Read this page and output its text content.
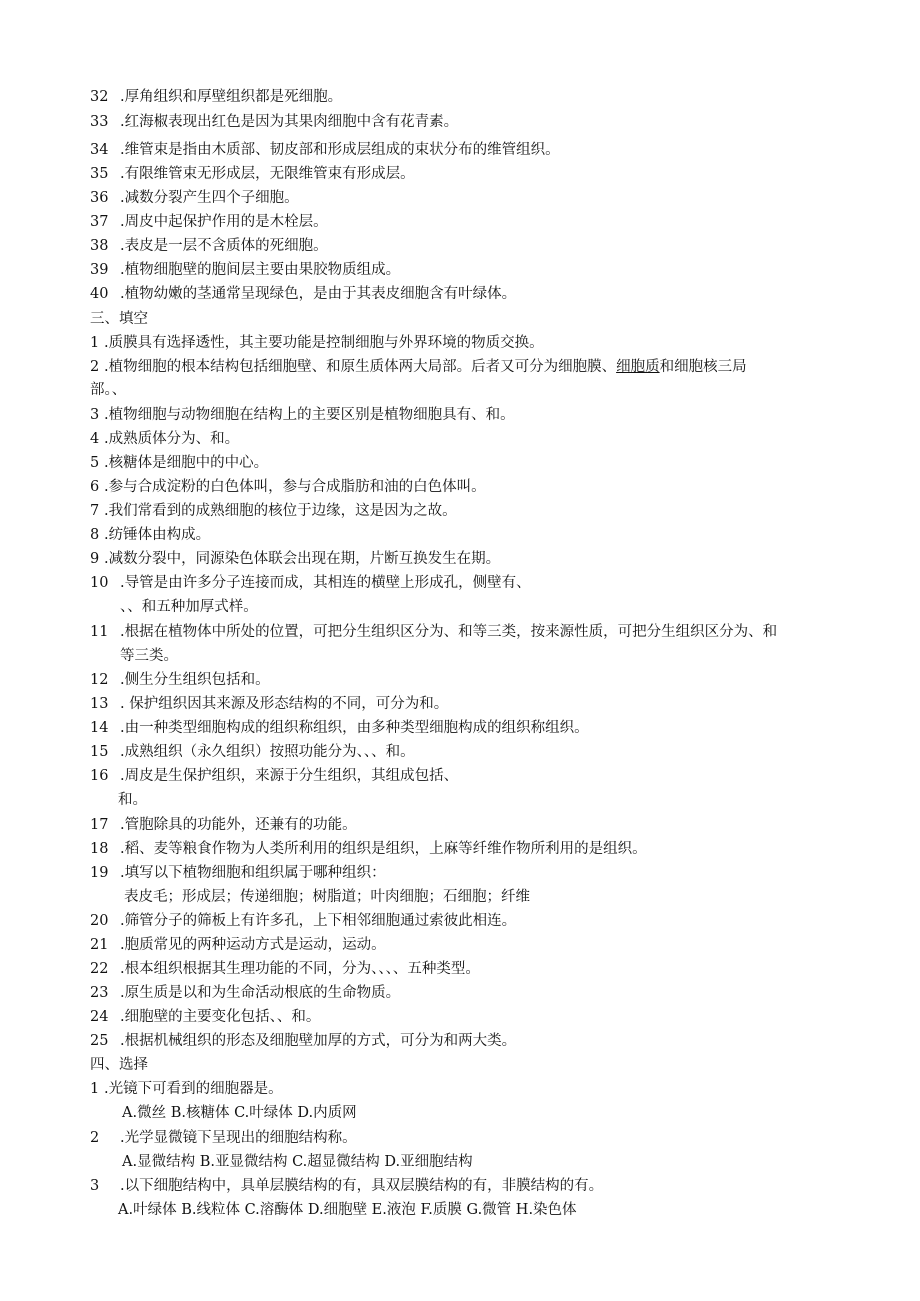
32 .厚角组织和厚壁组织都是死细胞。
33 .红海椒表现出红色是因为其果肉细胞中含有花青素。
34 .维管束是指由木质部、韧皮部和形成层组成的束状分布的维管组织。
35 .有限维管束无形成层，无限维管束有形成层。
36 .减数分裂产生四个子细胞。
37 .周皮中起保护作用的是木栓层。
38 .表皮是一层不含质体的死细胞。
39 .植物细胞壁的胞间层主要由果胶物质组成。
40 .植物幼嫩的茎通常呈现绿色，是由于其表皮细胞含有叶绿体。
三、填空
1 .质膜具有选择透性，其主要功能是控制细胞与外界环境的物质交换。
2 .植物细胞的根本结构包括细胞壁、和原生质体两大局部。后者又可分为细胞膜、细胞质和细胞核三局
部。、
3 .植物细胞与动物细胞在结构上的主要区别是植物细胞具有、和。
4 .成熟质体分为、和。
5 .核糖体是细胞中的中心。
6 .参与合成淀粉的白色体叫，参与合成脂肪和油的白色体叫。
7 .我们常看到的成熟细胞的核位于边缘，这是因为之故。
8 .纺锤体由构成。
9 .减数分裂中，同源染色体联会出现在期，片断互换发生在期。
10 .导管是由许多分子连接而成，其相连的横壁上形成孔，侧壁有、
、、和五种加厚式样。
11 .根据在植物体中所处的位置，可把分生组织区分为、和等三类，按来源性质，可把分生组织区分为、和
等三类。
12 .侧生分生组织包括和。
13 . 保护组织因其来源及形态结构的不同，可分为和。
14 .由一种类型细胞构成的组织称组织，由多种类型细胞构成的组织称组织。
15 .成熟组织（永久组织）按照功能分为、、、和。
16 .周皮是生保护组织，来源于分生组织，其组成包括、
和。
17 .管胞除具的功能外，还兼有的功能。
18 .稻、麦等粮食作物为人类所利用的组织是组织，上麻等纤维作物所利用的是组织。
19 .填写以下植物细胞和组织属于哪种组织：
表皮毛；形成层；传递细胞；树脂道；叶肉细胞；石细胞；纤维
20 .筛管分子的筛板上有许多孔，上下相邻细胞通过索彼此相连。
21 .胞质常见的两种运动方式是运动，运动。
22 .根本组织根据其生理功能的不同，分为、、、、五种类型。
23 .原生质是以和为生命活动根底的生命物质。
24 .细胞壁的主要变化包括、、和。
25 .根据机械组织的形态及细胞壁加厚的方式，可分为和两大类。
四、选择
1 .光镜下可看到的细胞器是。
A.微丝 B.核糖体 C.叶绿体 D.内质网
2 .光学显微镜下呈现出的细胞结构称。
A.显微结构 B.亚显微结构 C.超显微结构 D.亚细胞结构
3 .以下细胞结构中，具单层膜结构的有，具双层膜结构的有，非膜结构的有。
A.叶绿体 B.线粒体 C.溶酶体 D.细胞壁 E.液泡 F.质膜 G.微管 H.染色体
